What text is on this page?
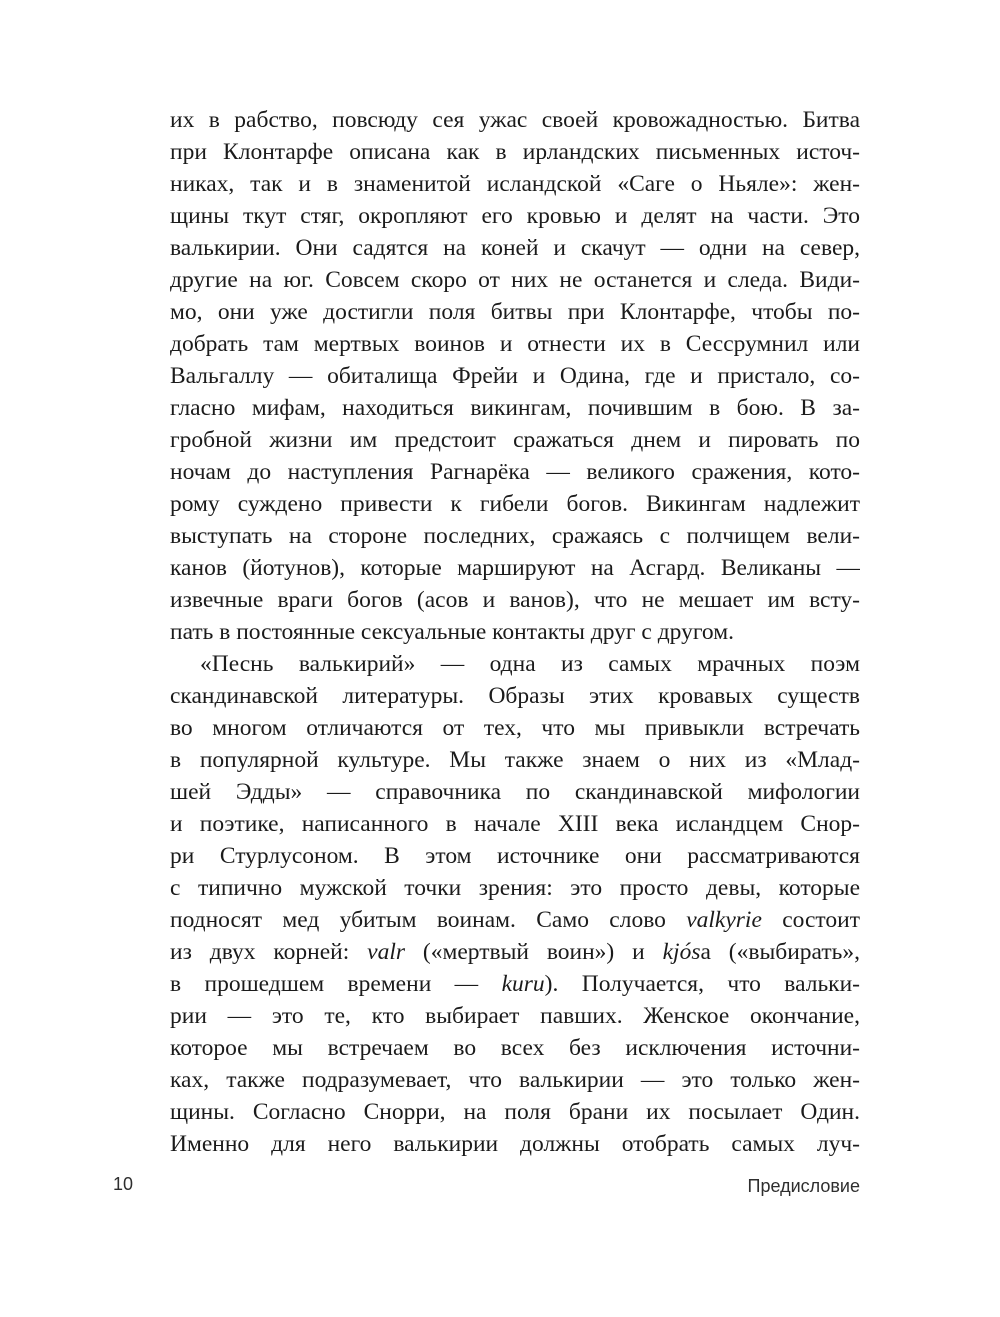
их в рабство, повсюду сея ужас своей кровожадностью. Битва
при Клонтарфе описана как в ирландских письменных источ-
никах, так и в знаменитой исландской «Саге о Ньяле»: жен-
щины ткут стяг, окропляют его кровью и делят на части. Это
валькирии. Они садятся на коней и скачут — одни на север,
другие на юг. Совсем скоро от них не останется и следа. Види-
мо, они уже достигли поля битвы при Клонтарфе, чтобы по-
добрать там мертвых воинов и отнести их в Сессрумнил или
Вальгаллу — обиталища Фрейи и Одина, где и пристало, со-
гласно мифам, находиться викингам, почившим в бою. В за-
гробной жизни им предстоит сражаться днем и пировать по
ночам до наступления Рагнарёка — великого сражения, кото-
рому суждено привести к гибели богов. Викингам надлежит
выступать на стороне последних, сражаясь с полчищем вели-
канов (йотунов), которые маршируют на Асгард. Великаны —
извечные враги богов (асов и ванов), что не мешает им всту-
пать в постоянные сексуальные контакты друг с другом.
«Песнь валькирий» — одна из самых мрачных поэм
скандинавской литературы. Образы этих кровавых существ
во многом отличаются от тех, что мы привыкли встречать
в популярной культуре. Мы также знаем о них из «Млад-
шей Эдды» — справочника по скандинавской мифологии
и поэтике, написанного в начале XIII века исландцем Снор-
ри Стурлусоном. В этом источнике они рассматриваются
с типично мужской точки зрения: это просто девы, которые
подносят мед убитым воинам. Само слово valkyrie состоит
из двух корней: valr («мертвый воин») и kjósа («выбирать»,
в прошедшем времени — kuru). Получается, что вальки-
рии — это те, кто выбирает павших. Женское окончание,
которое мы встречаем во всех без исключения источни-
ках, также подразумевает, что валькирии — это только жен-
щины. Согласно Снорри, на поля брани их посылает Один.
Именно для него валькирии должны отобрать самых луч-
10	Предисловие
